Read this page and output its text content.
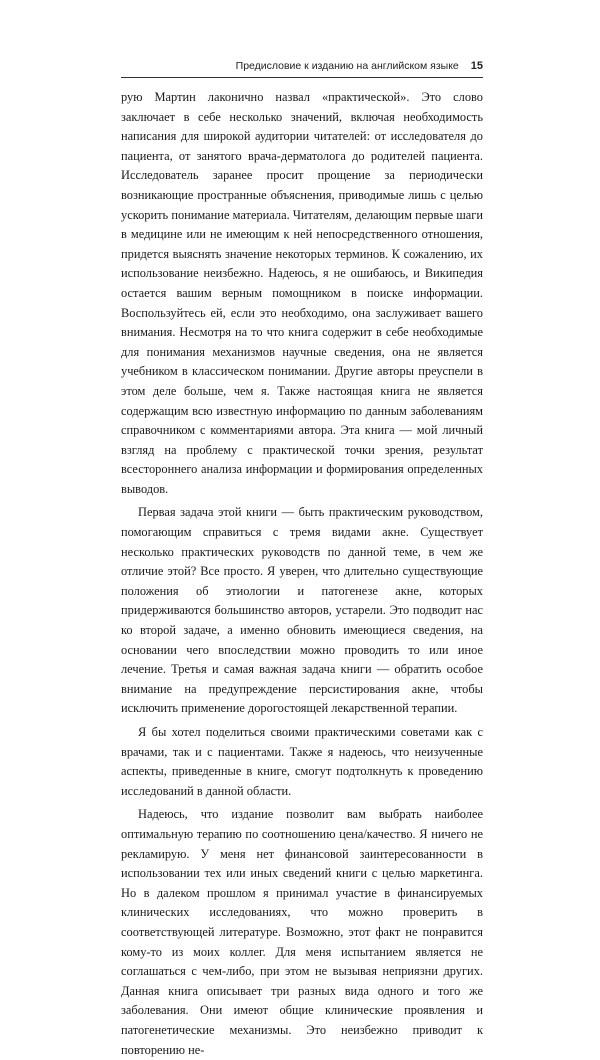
Предисловие к изданию на английском языке 15

рую Мартин лаконично назвал «практической». Это слово заключает в себе несколько значений, включая необходимость написания для широкой аудитории читателей: от исследователя до пациента, от занятого врача-дерматолога до родителей пациента. Исследователь заранее просит прощение за периодически возникающие пространные объяснения, приводимые лишь с целью ускорить понимание материала. Читателям, делающим первые шаги в медицине или не имеющим к ней непосредственного отношения, придется выяснять значение некоторых терминов. К сожалению, их использование неизбежно. Надеюсь, я не ошибаюсь, и Википедия остается вашим верным помощником в поиске информации. Воспользуйтесь ей, если это необходимо, она заслуживает вашего внимания. Несмотря на то что книга содержит в себе необходимые для понимания механизмов научные сведения, она не является учебником в классическом понимании. Другие авторы преуспели в этом деле больше, чем я. Также настоящая книга не является содержащим всю известную информацию по данным заболеваниям справочником с комментариями автора. Эта книга — мой личный взгляд на проблему с практической точки зрения, результат всестороннего анализа информации и формирования определенных выводов.

Первая задача этой книги — быть практическим руководством, помогающим справиться с тремя видами акне. Существует несколько практических руководств по данной теме, в чем же отличие этой? Все просто. Я уверен, что длительно существующие положения об этиологии и патогенезе акне, которых придерживаются большинство авторов, устарели. Это подводит нас ко второй задаче, а именно обновить имеющиеся сведения, на основании чего впоследствии можно проводить то или иное лечение. Третья и самая важная задача книги — обратить особое внимание на предупреждение персистирования акне, чтобы исключить применение дорогостоящей лекарственной терапии.

Я бы хотел поделиться своими практическими советами как с врачами, так и с пациентами. Также я надеюсь, что неизученные аспекты, приведенные в книге, смогут подтолкнуть к проведению исследований в данной области.

Надеюсь, что издание позволит вам выбрать наиболее оптимальную терапию по соотношению цена/качество. Я ничего не рекламирую. У меня нет финансовой заинтересованности в использовании тех или иных сведений книги с целью маркетинга. Но в далеком прошлом я принимал участие в финансируемых клинических исследованиях, что можно проверить в соответствующей литературе. Возможно, этот факт не понравится кому-то из моих коллег. Для меня испытанием является не соглашаться с чем-либо, при этом не вызывая неприязни других. Данная книга описывает три разных вида одного и того же заболевания. Они имеют общие клинические проявления и патогенетические механизмы. Это неизбежно приводит к повторению не-
